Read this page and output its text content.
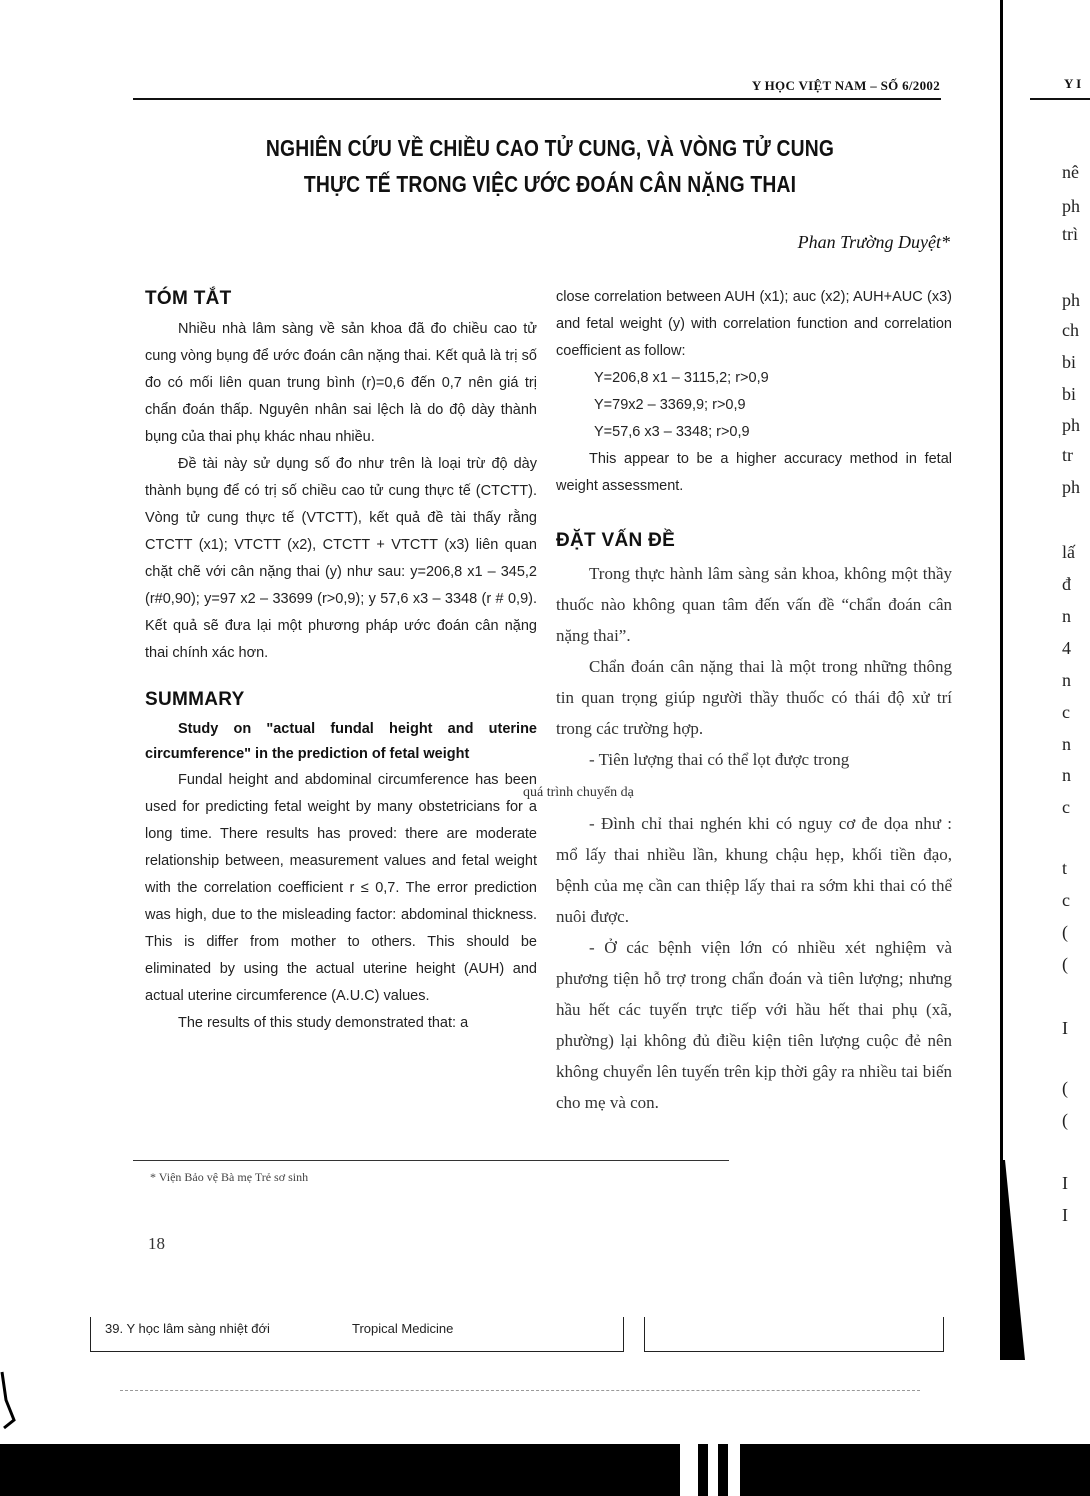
Y HỌC VIỆT NAM – SỐ 6/2002
NGHIÊN CỨU VỀ CHIỀU CAO TỬ CUNG, VÀ VÒNG TỬ CUNG
THỰC TẾ TRONG VIỆC ƯỚC ĐOÁN CÂN NẶNG THAI
Phan Trường Duyệt*
TÓM TẮT

Nhiều nhà lâm sàng về sản khoa đã đo chiều cao tử cung vòng bụng để ước đoán cân nặng thai. Kết quả là trị số đo có mối liên quan trung bình (r)=0,6 đến 0,7 nên giá trị chẩn đoán thấp. Nguyên nhân sai lệch là do độ dày thành bụng của thai phụ khác nhau nhiều.

Đề tài này sử dụng số đo như trên là loại trừ độ dày thành bụng để có trị số chiều cao tử cung thực tế (CTCTT). Vòng tử cung thực tế (VTCTT), kết quả đề tài thấy rằng CTCTT (x1); VTCTT (x2), CTCTT + VTCTT (x3) liên quan chặt chẽ với cân nặng thai (y) như sau: y=206,8 x1 – 345,2 (r#0,90); y=97 x2 – 33699 (r>0,9); y 57,6 x3 – 3348 (r # 0,9). Kết quả sẽ đưa lại một phương pháp ước đoán cân nặng thai chính xác hơn.

SUMMARY
Study on "actual fundal height and uterine circumference" in the prediction of fetal weight

Fundal height and abdominal circumference has been used for predicting fetal weight by many obstetricians for a long time. There results has proved: there are moderate relationship between, measurement values and fetal weight with the correlation coefficient r ≤ 0,7. The error prediction was high, due to the misleading factor: abdominal thickness. This is differ from mother to others. This should be eliminated by using the actual uterine height (AUH) and actual uterine circumference (A.U.C) values.

The results of this study demonstrated that: a

close correlation between AUH (x1); auc (x2); AUH+AUC (x3) and fetal weight (y) with correlation function and correlation coefficient as follow:

Y=206,8 x1 – 3115,2; r>0,9

Y=79x2 – 3369,9; r>0,9

Y=57,6 x3 – 3348; r>0,9

This appear to be a higher accuracy method in fetal weight assessment.

ĐẶT VẤN ĐỀ

Trong thực hành lâm sàng sản khoa, không một thầy thuốc nào không quan tâm đến vấn đề “chẩn đoán cân nặng thai”.

Chẩn đoán cân nặng thai là một trong những thông tin quan trọng giúp người thầy thuốc có thái độ xử trí trong các trường hợp.

- Tiên lượng thai có thể lọt được trong
quá trình chuyển dạ

- Đình chỉ thai nghén khi có nguy cơ đe dọa như : mổ lấy thai nhiều lần, khung chậu hẹp, khối tiền đạo, bệnh của mẹ cần can thiệp lấy thai ra sớm khi thai có thể nuôi được.

- Ở các bệnh viện lớn có nhiều xét nghiệm và phương tiện hỗ trợ trong chẩn đoán và tiên lượng; nhưng hầu hết các tuyến trực tiếp với hầu hết thai phụ (xã, phường) lại không đủ điều kiện tiên lượng cuộc đẻ nên không chuyển lên tuyến trên kịp thời gây ra nhiều tai biến cho mẹ và con.

* Viện Bảo vệ Bà mẹ Trẻ sơ sinh
18
39. Y học lâm sàng nhiệt đới	Tropical Medicine
Y I
nê
ph
trì
ph
ch
bi
bi
ph
tr
ph
lấ
đ
n
4
n
c
n
n
c
t
c
(
(
I
(
(
I
I
